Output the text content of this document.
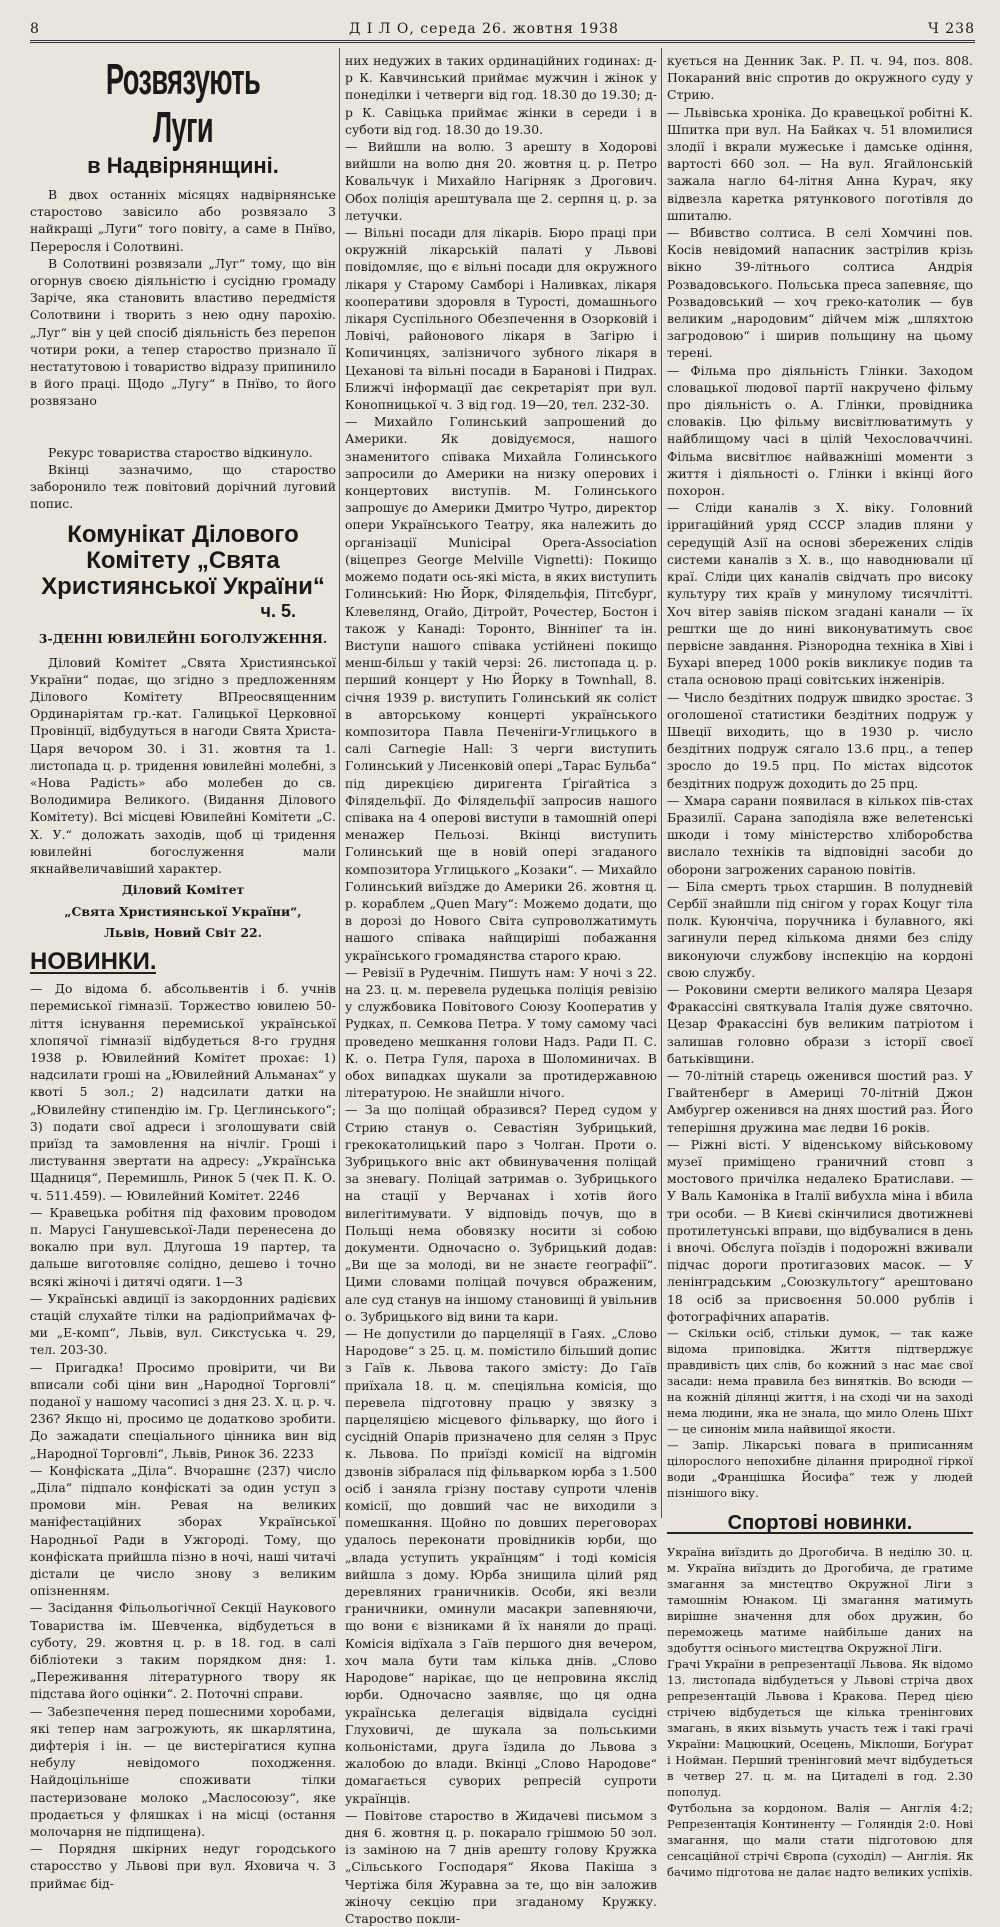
8	Д І Л О, середа 26. жовтня 1938	Ч 238
Розвязують Луги
в Надвірнянщині.

В двох останніх місяцях надвірнянське старостово завісило або розвязало 3 найкращі „Луги“ того повіту, а саме в Пнїво, Переросля і Солотвині.

В Солотвині розвязали „Луг“ тому, що він огорнув своєю діяльністю і сусідню громаду Заріче, яка становить властиво передмістя Солотвини і творить з нею одну парохію. „Луг“ він у цей спосіб діяльність без перепон чотири роки, а тепер староство признало її нестатутовою і товариство відразу припинило в його праці. Щодо „Лугу“ в Пнїво, то його розвязано

Рекурс товариства староство відкинуло.

Вкінці зазначимо, що староство заборонило теж повітовий дорічний луговий попис.

Комунікат Ділового Комітету „Свята Християнської України“
ч. 5.

3-ДЕННІ ЮВИЛЕЙНІ БОГОЛУЖЕННЯ.

Діловий Комітет „Свята Християнської України“ подає, що згідно з предложенням Ділового Комітету ВПреосвященним Ординаріятам гр.-кат. Галицької Церковної Провінції, відбудуться в нагоди Свята Христа-Царя вечором 30. і 31. жовтня та 1. листопада ц. р. тридення ювилейні молебні, з «Нова Радість» або молебен до св. Володимира Великого. (Видання Ділового Комітету). Всі місцеві Ювилейні Комітети „С. Х. У.“ доложать заходів, щоб ці тридення ювилейні богослуження мали якнайвеличавіший характер.

Діловий Комітет

„Свята Християнської України“,

Львів, Новий Світ 22.

НОВИНКИ.

— До відома б. абсольвентів і б. учнів перемиської гімназії. Торжество ювилею 50-ліття існування перемиської української хлопячої гімназії відбудеться 8-го грудня 1938 р. Ювилейний Комітет прохає: 1) надсилати гроші на „Ювилейний Альманах“ у квоті 5 зол.; 2) надсилати датки на „Ювилейну стипендію ім. Гр. Цеглинського“; 3) подати свої адреси і зголошувати свій приїзд та замовлення на нічліг. Гроші і листування звертати на адресу: „Українська Щадниця“, Перемишль, Ринок 5 (чек П. К. О. ч. 511.459). — Ювилейний Комітет. 2246

— Кравецька робітня під фаховим проводом п. Марусі Ганушевської-Лади перенесена до вокалю при вул. Длугоша 19 партер, та дальше виготовляє солідно, дешево і точно всякі жіночі і дитячі одяги. 1—3

— Українські авдиції із закордонних радієвих стацій слухайте тілки на радіоприймачах ф-ми „Е-комп“, Львів, вул. Сикстуська ч. 29, тел. 203-30.

— Пригадка! Просимо провірити, чи Ви вписали собі ціни вин „Народної Торговлі“ поданої у нашому часописі з дня 23. Х. ц. р. ч. 236? Якщо ні, просимо це додатково зробити. До зажадати спеціального цінника вин від „Народної Торговлі“, Львів, Ринок 36. 2233

— Конфіската „Діла“. Вчорашнє (237) число „Діла“ підпало конфіскаті за один уступ з промови мін. Ревая на великих маніфестаційних зборах Української Народньої Ради в Ужгороді. Тому, що конфіската прийшла пізно в ночі, наші читачі дістали це число знову з великим опізненням.

— Засідання Фільольогічної Секції Наукового Товариства ім. Шевченка, відбудеться в суботу, 29. жовтня ц. р. в 18. год. в салі бібліотеки з таким порядком дня: 1. „Переживання літературного твору як підстава його оцінки“. 2. Поточні справи.

— Забезпечення перед пошесними хоробами, які тепер нам загрожують, як шкарлятина, дифтерія і ін. — це вистерігатися купна небулу невідомого походження. Найдоцільніше споживати тілки пастеризоване молоко „Маслосоюзу“, яке продається у фляшках і на місці (остання молочарня не підпищена).

— Порядня шкірних недуг городського старосство у Львові при вул. Яховича ч. 3 приймає бід-

них недужих в таких ординаційних годинах: д-р К. Кавчинський приймає мужчин і жінок у понеділки і четверги від год. 18.30 до 19.30; д-р К. Савіцька приймає жінки в середи і в суботи від год. 18.30 до 19.30.

— Вийшли на волю. З арешту в Ходорові вийшли на волю дня 20. жовтня ц. р. Петро Ковальчук і Михайло Нагірняк з Дрогович. Обох поліція арештувала ще 2. серпня ц. р. за летучки.

— Вільні посади для лікарів. Бюро праці при окружній лікарській палаті у Львові повідомляє, що є вільні посади для окружного лікаря у Старому Самборі і Наливках, лікаря кооперативи здоровля в Турості, домашнього лікаря Суспільного Обезпечення в Озорковій і Ловічі, районового лікаря в Загірю і Копичинцях, залізничого зубного лікаря в Цеханові та вільні посади в Баранові і Пидрах. Ближчі інформації дає секретаріят при вул. Конопницької ч. 3 від год. 19—20, тел. 232-30.

— Михайло Голинський запрошений до Америки. Як довідуємося, нашого знаменитого співака Михайла Голинського запросили до Америки на низку оперових і концертових виступів. М. Голинського запрошує до Америки Дмитро Чутро, директор опери Українського Театру, яка належить до організації Municipal Opera-Association (віцепрез George Melville Vignetti): Покищо можемо подати ось-які міста, в яких виступить Голинський: Ню Йорк, Філядельфія, Пітсбурґ, Клевелянд, Огайо, Дітройт, Рочестер, Бостон і також у Канаді: Торонто, Вінніпеґ та ін. Виступи нашого співака устійнені покищо менш-більш у такій черзі: 26. листопада ц. р. перший концерт у Ню Йорку в Townhall, 8. січня 1939 р. виступить Голинський як соліст в авторському концерті українського композитора Павла Печеніги-Углицького в салі Carnegie Hall: З черги виступить Голинський у Лисенковій опері „Тарас Бульба“ під дирекцією диригента Ґріґайтіса з Філядельфії. До Філядельфії запросив нашого співака на 4 оперові виступи в тамошній опері менажер Пельозі. Вкінці виступить Голинський ще в новій опері згаданого композитора Углицького „Козаки“. — Михайло Голинський виїздже до Америки 26. жовтня ц. р. кораблем „Quen Mary“: Можемо додати, що в дорозі до Нового Світа супроволжатимуть нашого співака найщиріші побажання українського громадянства старого краю.

— Ревізії в Рудечнім. Пишуть нам: У ночі з 22. на 23. ц. м. перевела рудецька поліція ревізію у службовика Повітового Союзу Кооператив у Рудках, п. Семкова Петра. У тому самому часі проведено мешкання голови Надз. Ради П. С. К. о. Петра Гуля, пароха в Шоломиничах. В обох випадках шукали за протидержавною літературою. Не знайшли нічого.

— За що поліцай образився? Перед судом у Стрию станув о. Севастіян Зубрицький, грекокатолицький паро з Чолган. Проти о. Зубрицького вніс акт обвинувачення поліцай за зневагу. Поліцай затримав о. Зубрицького на стації у Верчанах і хотів його вилегітимувати. У відповідь почув, що в Польщі нема обовязку носити зі собою документи. Одночасно о. Зубрицький додав: „Ви ще за молоді, ви не знаєте географії“. Цими словами поліцай почувся ображеним, але суд станув на іншому становищі й увільнив о. Зубрицького від вини та кари.

— Не допустили до парцеляції в Гаях. „Слово Народове“ з 25. ц. м. помістило більший допис з Гаїв к. Львова такого змісту: До Гаїв приїхала 18. ц. м. спеціяльна комісія, що перевела підготовну працю у звязку з парцеляцією місцевого фільварку, що його і сусідній Опарів призначено для селян з Прус к. Львова. По приїзді комісії на відгомін дзвонів зібралася під фільварком юрба з 1.500 осіб і заняла грізну поставу супроти членів комісії, що довший час не виходили з помешкання. Щойно по довших переговорах удалось переконати провідників юрби, що „влада уступить українцям“ і тоді комісія вийшла з дому. Юрба знищила цілий ряд деревляних граничників. Особи, які везли граничники, оминули масакри запевняючи, що вони є візниками й їх наняли до праці. Комісія відїхала з Гаїв першого дня вечером, хоч мала бути там кілька днів. „Слово Народове“ нарікає, що це непровина якслід юрби. Одночасно заявляє, що ця одна українська делегація відвідала сусідні Глуховичі, де шукала за польськими кольоністами, друга їздила до Львова з жалобою до влади. Вкінці „Слово Народове“ домагається суворих репресій супроти українців.

— Повітове староство в Жидачеві письмом з дня 6. жовтня ц. р. покарало грішмою 50 зол. із заміною на 7 днів арешту голову Кружка „Сільського Господаря“ Якова Пакіша з Чертіжа біля Журавна за те, що він заложив жіночу секцію при згаданому Кружку. Староство покли-

кується на Денник Зак. Р. П. ч. 94, поз. 808. Покараний вніс спротив до окружного суду у Стрию.

— Львівська хроніка. До кравецької робітні К. Шпитка при вул. На Байках ч. 51 вломилися злодії і вкрали мужеське і дамське одіння, вартості 660 зол. — На вул. Ягайлонській зажала нагло 64-літня Анна Курач, яку відвезла каретка рятункового поготівля до шпиталю.

— Вбивство солтиса. В селі Хомчині пов. Косів невідомий напасник застрілив крізь вікно 39-літнього солтиса Андрія Розвадовського. Польська преса запевняє, що Розвадовський — хоч греко-католик — був великим „народовим“ дійчем між „шляхтою загродовою“ і ширив польщину на цьому терені.

— Фільма про діяльність Глінки. Заходом словацької людової партії накручено фільму про діяльність о. А. Глінки, провідника словаків. Цю фільму висвітлюватимуть у найблищому часі в цілій Чехословаччині. Фільма висвітлює найважніші моменти з життя і діяльності о. Глінки і вкінці його похорон.

— Сліди каналів з Х. віку. Головний ірригаційний уряд СССР зладив пляни у середущій Азії на основі збережених слідів системи каналів з Х. в., що наводнювали цї краї. Сліди цих каналів свідчать про високу культуру тих країв у минулому тисячлітті. Хоч вітер завіяв піском згадані канали — їх рештки ще до нині виконуватимуть своє первісне завдання. Різнородна техніка в Хіві і Бухарі вперед 1000 років викликує подив та стала основою праці совітських інженірів.

— Число бездітних подруж швидко зростає. З оголошеної статистики бездітних подруж у Швеції виходить, що в 1930 р. число бездітних подруж сягало 13.6 прц., а тепер зросло до 19.5 прц. По містах відсоток бездітних подруж доходить до 25 прц.

— Хмара сарани появилася в кількох пів-стах Бразилії. Сарана заподіяла вже велетенські шкоди і тому міністерство хліборобства вислало техніків та відповідні засоби до оборони загрожених сараною повітів.

— Біла смерть трьох старшин. В полудневій Сербії знайшли під снігом у горах Коцуг тіла полк. Куюнчіча, поручника і булавного, які загинули перед кількома днями без сліду виконуючи службову інспекцію на кордоні свою службу.

— Роковини смерти великого маляра Цезаря Фракассіні святкувала Італія дуже святочно. Цезар Фракассіні був великим патріотом і залишав головно образи з історії своєї батьківщини.

— 70-літній старець оженився шостий раз. У Гвайтенберг в Америці 70-літній Джон Амбургер оженився на днях шостий раз. Його теперішня дружина має ледви 16 років.

— Ріжні вісті. У віденському військовому музеї приміщено граничний стовп з мостового причілка недалеко Братислави. — У Валь Камоніка в Італії вибухла міна і вбила три особи. — В Києві скінчилися двотижневі протилетунські вправи, що відбувалися в день і вночі. Обслуга поїздів і подорожні вживали підчас дороги протигазових масок. — У ленінградським „Союзкультогу“ арештовано 18 осіб за присвоєння 50.000 рублів і фотографічних апаратів.

— Скільки осіб, стільки думок, — так каже відома приповідка. Життя підтверджує правдивість цих слів, бо кожний з нас має свої засади: нема правила без винятків. Во всюди — на кожній ділянці життя, і на сході чи на заході нема людини, якa не знала, що мило Олень Шіхт — це синонім мила найвищої якости.

— Запір. Лікарські повага в приписанням цілорослого непохибне ділання природної гіркої води „Францішка Йосифа“ теж у людей пізнішого віку.

Спортові новинки.

Україна виїздить до Дрогобича. В неділю 30. ц. м. Україна виїздить до Дрогобича, де гратиме змагання за мистецтво Окружної Ліги з тамошнім Юнаком. Ці змагання матимуть вирішне значення для обох дружин, бо переможець матиме найбільше даних на здобуття осінього мистецтва Окружної Ліги.

Грачі України в репрезентації Львова. Як відомо 13. листопада відбудеться у Львові стріча двох репрезентацій Львова і Кракова. Перед цією стрічею відбудеться ще кілька тренінгових змагань, в яких візьмуть участь теж і такі грачі України: Мацюцкий, Осецень, Міклоши, Боґурат і Нойман. Перший тренінговий мечт відбудеться в четвер 27. ц. м. на Цитаделі в год. 2.30 пополуд.

Футбольна за кордоном. Валія — Англія 4:2; Репрезентація Континенту — Голяндія 2:0. Нові змагання, що мали стати підготовою для сенсаційної стрічі Європа (суходіл) — Англія. Як бачимо підготова не далає надто великих успіхів.
